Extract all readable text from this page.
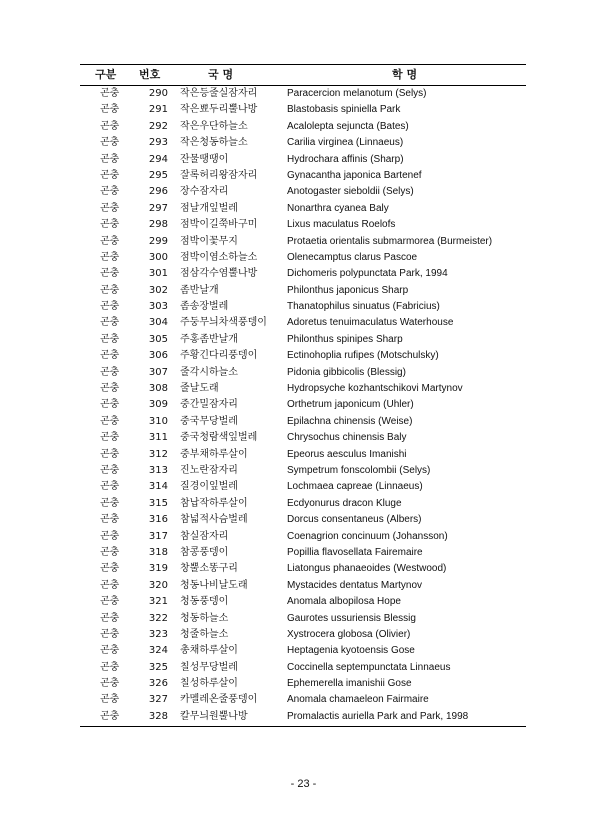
구분 번호	국 명	학 명
곤충	290 작은등줄실잠자리	Paracercion melanotum (Selys)
곤충	291 작은뾰두리뿔나방	Blastobasis spiniella Park
곤충	292 작은우단하늘소	Acalolepta sejuncta (Bates)
곤충	293 작은청동하늘소	Carilia virginea (Linnaeus)
곤충	294 잔물땡땡이	Hydrochara affinis (Sharp)
곤충	295 잘록허리왕잠자리	Gynacantha japonica Bartenef
곤충	296 장수잠자리	Anotogaster sieboldii (Selys)
곤충	297 점날개잎벌레	Nonarthra cyanea Baly
곤충	298 점박이길쭉바구미	Lixus maculatus Roelofs
곤충	299 점박이꽃무지	Protaetia orientalis submarmorea (Burmeister)
곤충	300 점박이염소하늘소	Olenecamptus clarus Pascoe
곤충	301 점삼각수염뿔나방	Dichomeris polypunctata Park, 1994
곤충	302 좀반날개	Philonthus japonicus Sharp
곤충	303 좀송장벌레	Thanatophilus sinuatus (Fabricius)
곤충	304 주둥무늬차색풍뎅이 Adoretus tenuimaculatus Waterhouse
곤충	305 주홍좀반날개	Philonthus spinipes Sharp
곤충	306 주황긴다리풍뎅이	Ectinohoplia rufipes (Motschulsky)
곤충	307 줄각시하늘소	Pidonia gibbicolis (Blessig)
곤충	308 줄날도래	Hydropsyche kozhantschikovi Martynov
곤충	309 중간밀잠자리	Orthetrum japonicum (Uhler)
곤충	310 중국무당벌레	Epilachna chinensis (Weise)
곤충	311 중국청람색잎벌레	Chrysochus chinensis Baly
곤충	312 중부채하루살이	Epeorus aesculus Imanishi
곤충	313 진노란잠자리	Sympetrum fonscolombii (Selys)
곤충	314 질경이잎벌레	Lochmaea capreae (Linnaeus)
곤충	315 참납작하루살이	Ecdyonurus dracon Kluge
곤충	316 참넓적사슴벌레	Dorcus consentaneus (Albers)
곤충	317 참실잠자리	Coenagrion concinuum (Johansson)
곤충	318 참콩풍뎅이	Popillia flavosellata Fairemaire
곤충	319 창뿔소똥구리	Liatongus phanaeoides (Westwood)
곤충	320 청동나비날도래	Mystacides dentatus Martynov
곤충	321 청동풍뎅이	Anomala albopilosa Hope
곤충	322 청동하늘소	Gaurotes ussuriensis Blessig
곤충	323 청줄하늘소	Xystrocera globosa (Olivier)
곤충	324 총채하루살이	Heptagenia kyotoensis Gose
곤충	325 칠성무당벌레	Coccinella septempunctata Linnaeus
곤충	326 칠성하루살이	Ephemerella imanishii Gose
곤충	327 카멜레온줄풍뎅이	Anomala chamaeleon Fairmaire
곤충	328 칼무늬원뿔나방	Promalactis auriella Park and Park, 1998
- 23 -
